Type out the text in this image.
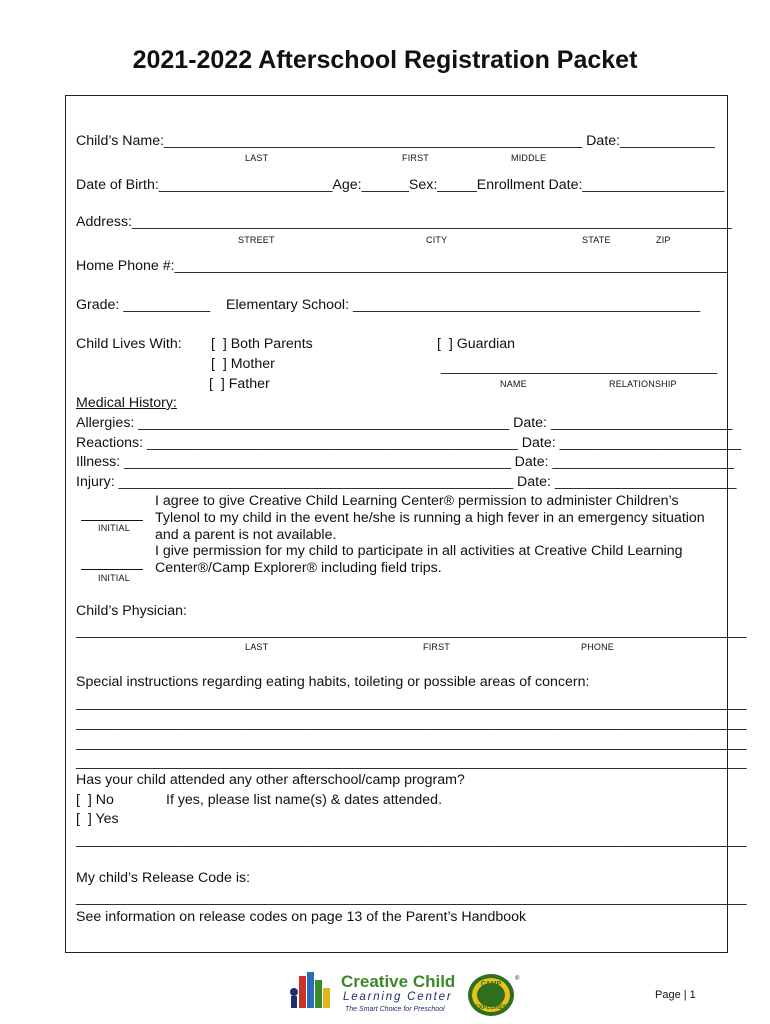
2021-2022 Afterschool Registration Packet
Child’s Name:_____________________________________________________ Date:____________
LAST	FIRST	MIDDLE
Date of Birth:______________________Age:______Sex:_____Enrollment Date:__________________
Address:____________________________________________________________________________
STREET	CITY	STATE	ZIP
Home Phone #:______________________________________________________________________
Grade: ___________ Elementary School: ____________________________________________
Child Lives With: [  ] Both Parents
[  ] Mother
[  ] Father
[  ] Guardian
___________________________________
NAME	RELATIONSHIP
Medical History:
Allergies: _______________________________________________ Date: _______________________
Reactions: _______________________________________________ Date: _______________________
Illness: _________________________________________________ Date: _______________________
Injury: __________________________________________________ Date: _______________________
I agree to give Creative Child Learning Center® permission to administer Children’s
Tylenol to my child in the event he/she is running a high fever in an emergency situation
and a parent is not available.
I give permission for my child to participate in all activities at Creative Child Learning
Center®/Camp Explorer® including field trips.
INITIAL
INITIAL
Child’s Physician:
_____________________________________________________________________________________
LAST	FIRST	PHONE
Special instructions regarding eating habits, toileting or possible areas of concern:
_____________________________________________________________________________________
_____________________________________________________________________________________
_____________________________________________________________________________________
_____________________________________________________________________________________
Has your child attended any other afterschool/camp program?
[  ] No	If yes, please list name(s) & dates attended.
[  ] Yes
_____________________________________________________________________________________
My child’s Release Code is:
_____________________________________________________________________________________
See information on release codes on page 13 of the Parent’s Handbook
Creative Child
Learning Center
The Smart Choice for Preschool
CAMP
EXPLORER
®
Page | 1
